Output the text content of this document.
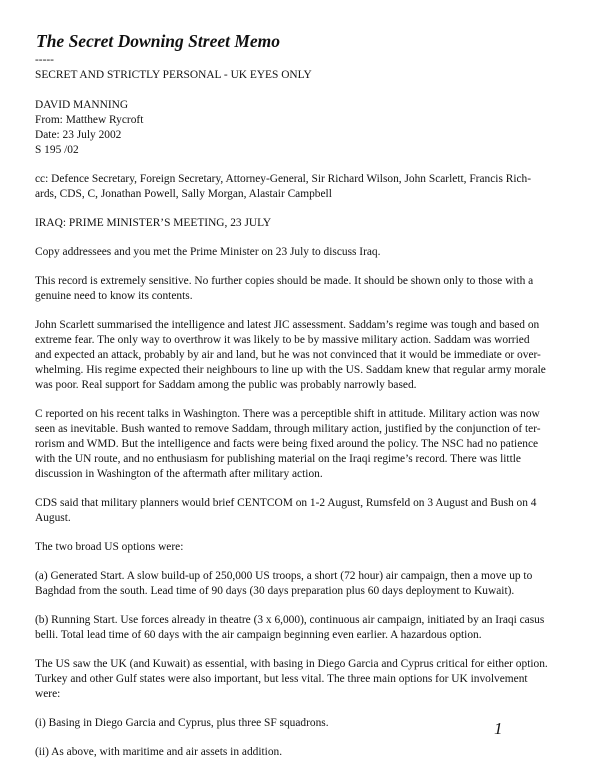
The Secret Downing Street Memo

-----

SECRET AND STRICTLY PERSONAL - UK EYES ONLY

DAVID MANNING
From: Matthew Rycroft
Date: 23 July 2002
S 195 /02

cc: Defence Secretary, Foreign Secretary, Attorney-General, Sir Richard Wilson, John Scarlett, Francis Rich-
ards, CDS, C, Jonathan Powell, Sally Morgan, Alastair Campbell

IRAQ: PRIME MINISTER’S MEETING, 23 JULY

Copy addressees and you met the Prime Minister on 23 July to discuss Iraq.

This record is extremely sensitive. No further copies should be made. It should be shown only to those with a
genuine need to know its contents.

John Scarlett summarised the intelligence and latest JIC assessment. Saddam’s regime was tough and based on
extreme fear. The only way to overthrow it was likely to be by massive military action. Saddam was worried
and expected an attack, probably by air and land, but he was not convinced that it would be immediate or over-
whelming. His regime expected their neighbours to line up with the US. Saddam knew that regular army morale
was poor. Real support for Saddam among the public was probably narrowly based.

C reported on his recent talks in Washington. There was a perceptible shift in attitude. Military action was now
seen as inevitable. Bush wanted to remove Saddam, through military action, justified by the conjunction of ter-
rorism and WMD. But the intelligence and facts were being fixed around the policy. The NSC had no patience
with the UN route, and no enthusiasm for publishing material on the Iraqi regime’s record. There was little
discussion in Washington of the aftermath after military action.

CDS said that military planners would brief CENTCOM on 1-2 August, Rumsfeld on 3 August and Bush on 4
August.

The two broad US options were:

(a) Generated Start. A slow build-up of 250,000 US troops, a short (72 hour) air campaign, then a move up to
Baghdad from the south. Lead time of 90 days (30 days preparation plus 60 days deployment to Kuwait).

(b) Running Start. Use forces already in theatre (3 x 6,000), continuous air campaign, initiated by an Iraqi casus
belli. Total lead time of 60 days with the air campaign beginning even earlier. A hazardous option.

The US saw the UK (and Kuwait) as essential, with basing in Diego Garcia and Cyprus critical for either option.
Turkey and other Gulf states were also important, but less vital. The three main options for UK involvement
were:

(i) Basing in Diego Garcia and Cyprus, plus three SF squadrons.

(ii) As above, with maritime and air assets in addition.

1
